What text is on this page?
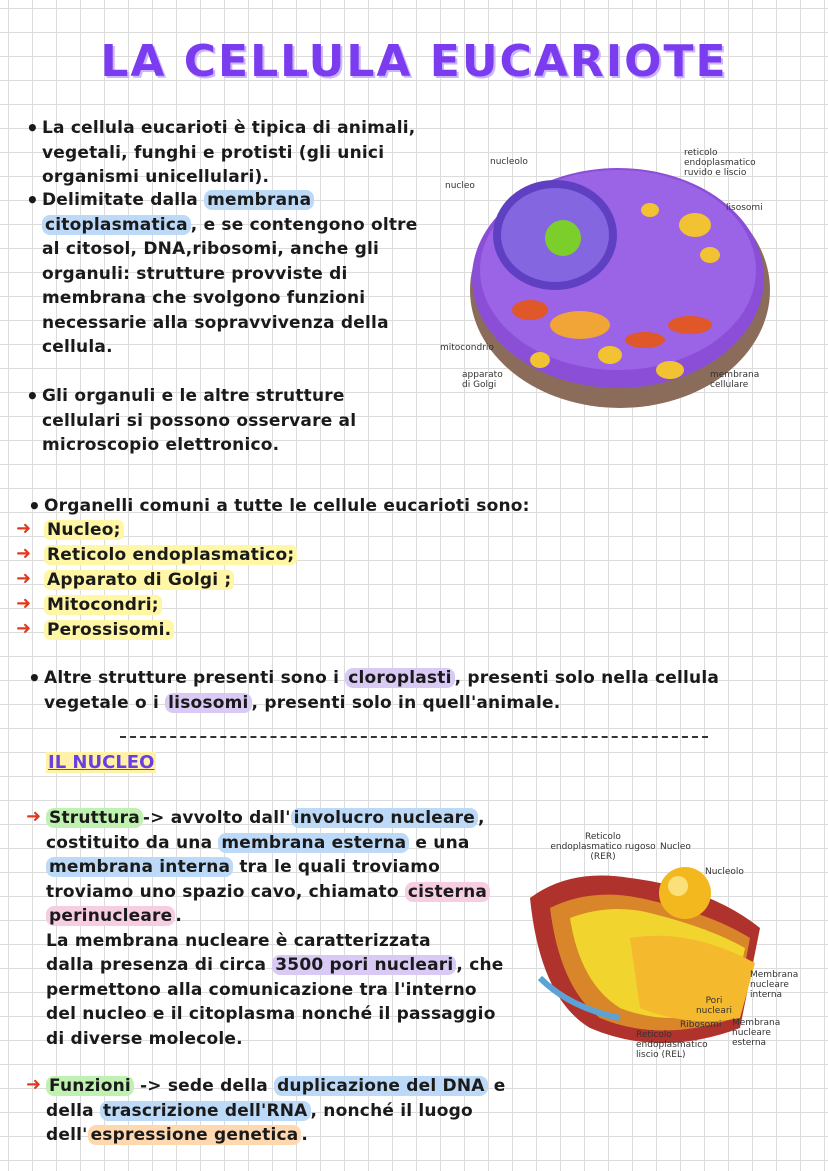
LA CELLULA EUCARIOTE
• La cellula eucarioti è tipica di animali,
vegetali, funghi e protisti (gli unici
organismi unicellulari).
• Delimitate dalla membrana
citoplasmatica , e se contengono oltre
al citosol, DNA,ribosomi, anche gli
organuli: strutture provviste di
membrana che svolgono funzioni
necessarie alla sopravvivenza della
cellula.
• Gli organuli e le altre strutture
cellulari si possono osservare al
microscopio elettronico.
nucleolo
nucleo
reticolo endoplasmatico ruvido e liscio
lisosomi
mitocondrio
apparato di Golgi
membrana cellulare
• Organelli comuni a tutte le cellule eucarioti sono:
➜ Nucleo;
➜ Reticolo endoplasmatico;
➜ Apparato di Golgi ;
➜ Mitocondri;
➜ Perossisomi.
• Altre strutture presenti sono i cloroplasti , presenti solo nella cellula
vegetale o i lisosomi , presenti solo in quell'animale.
IL NUCLEO
➜ Struttura -> avvolto dall' involucro nucleare ,
costituito da una membrana esterna e una
membrana interna tra le quali troviamo
troviamo uno spazio cavo, chiamato cisterna
perinucleare .
La membrana nucleare è caratterizzata
dalla presenza di circa 3500 pori nucleari , che
permettono alla comunicazione tra l'interno
del nucleo e il citoplasma nonché il passaggio
di diverse molecole.
Reticolo endoplasmatico rugoso (RER)
Nucleo
Nucleolo
Membrana nucleare interna
Pori nucleari
Ribosomi Membrana nucleare esterna
Reticolo endoplasmatico liscio (REL)
➜ Funzioni -> sede della duplicazione del DNA e
della trascrizione dell'RNA , nonché il luogo
dell' espressione genetica .
